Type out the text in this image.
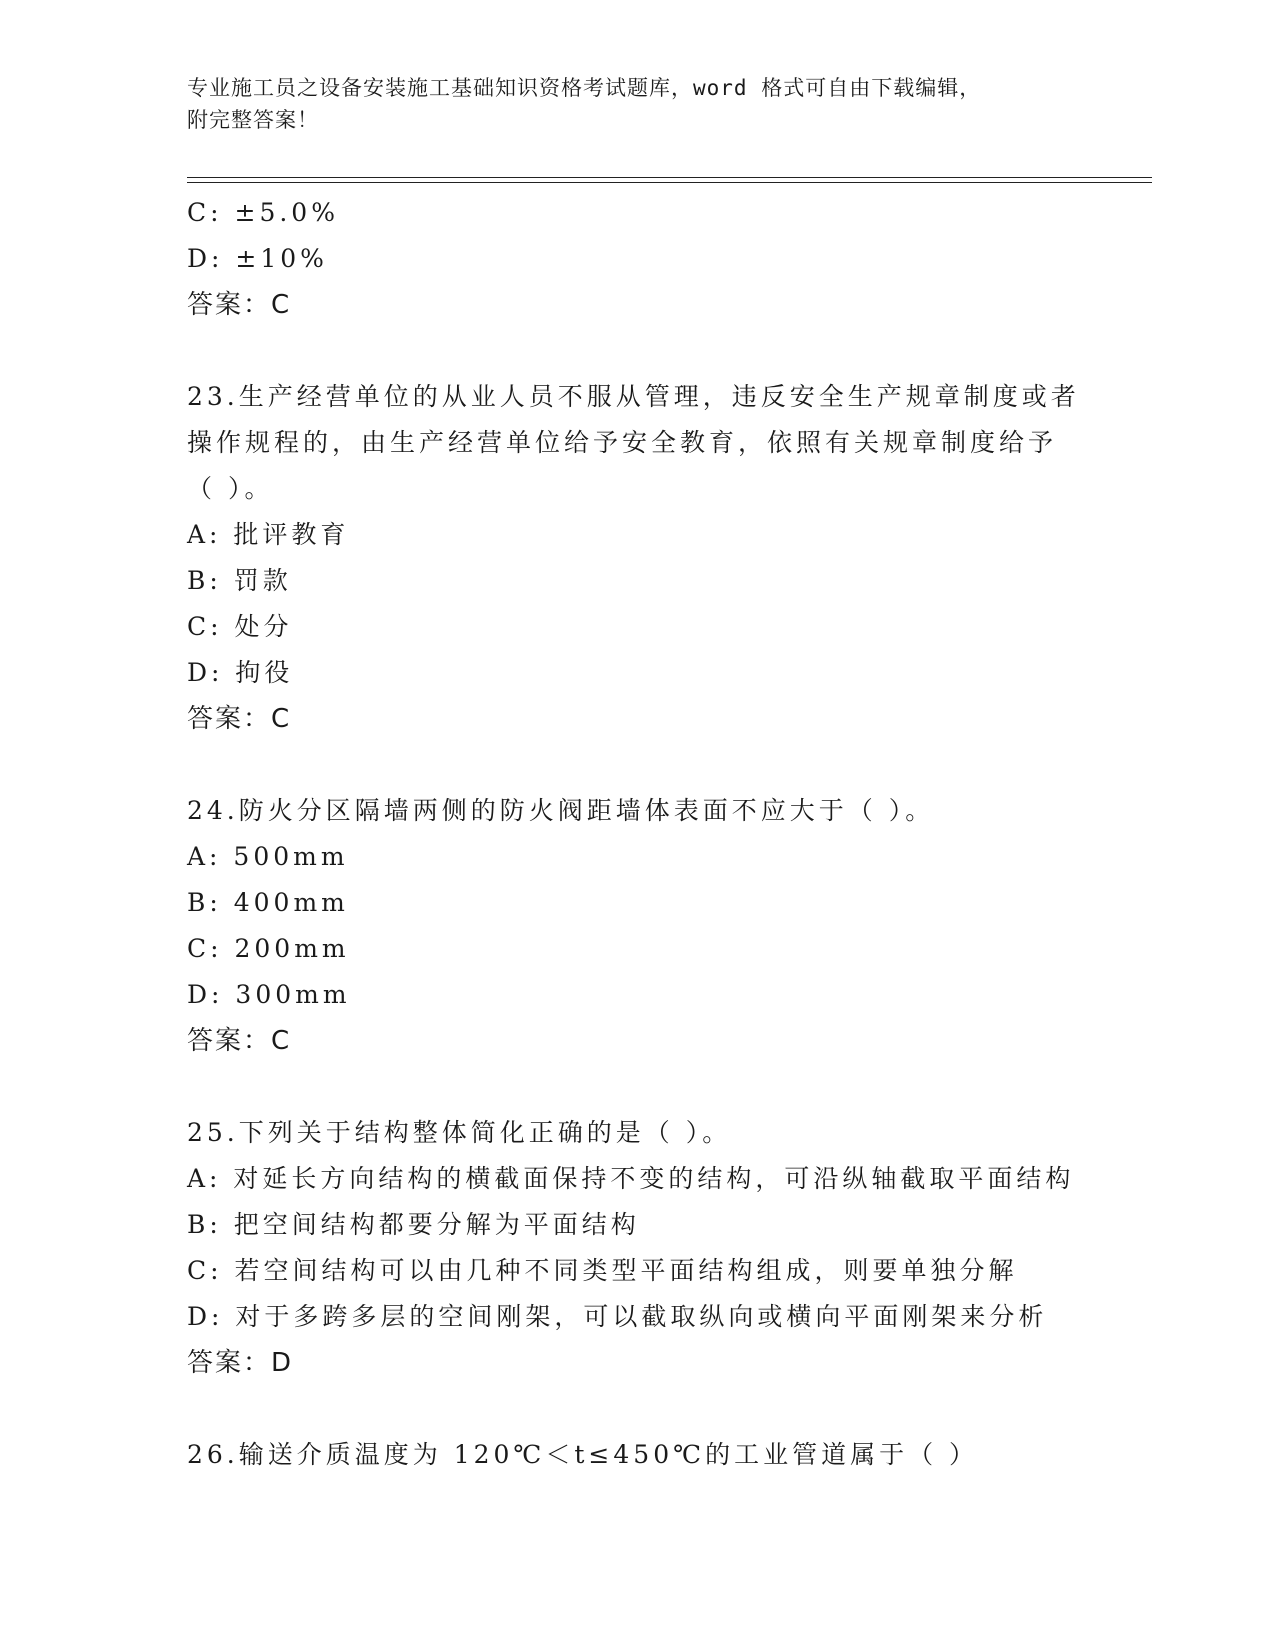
专业施工员之设备安装施工基础知识资格考试题库，word 格式可自由下载编辑，
附完整答案！
C: ±5.0%
D: ±10%
答案：C
23.生产经营单位的从业人员不服从管理，违反安全生产规章制度或者
操作规程的，由生产经营单位给予安全教育，依照有关规章制度给予
（ ）。
A: 批评教育
B: 罚款
C: 处分
D: 拘役
答案：C
24.防火分区隔墙两侧的防火阀距墙体表面不应大于（ ）。
A: 500mm
B: 400mm
C: 200mm
D: 300mm
答案：C
25.下列关于结构整体简化正确的是（ ）。
A: 对延长方向结构的横截面保持不变的结构，可沿纵轴截取平面结构
B: 把空间结构都要分解为平面结构
C: 若空间结构可以由几种不同类型平面结构组成，则要单独分解
D: 对于多跨多层的空间刚架，可以截取纵向或横向平面刚架来分析
答案：D
26.输送介质温度为 120℃＜t≤450℃的工业管道属于（ ）
